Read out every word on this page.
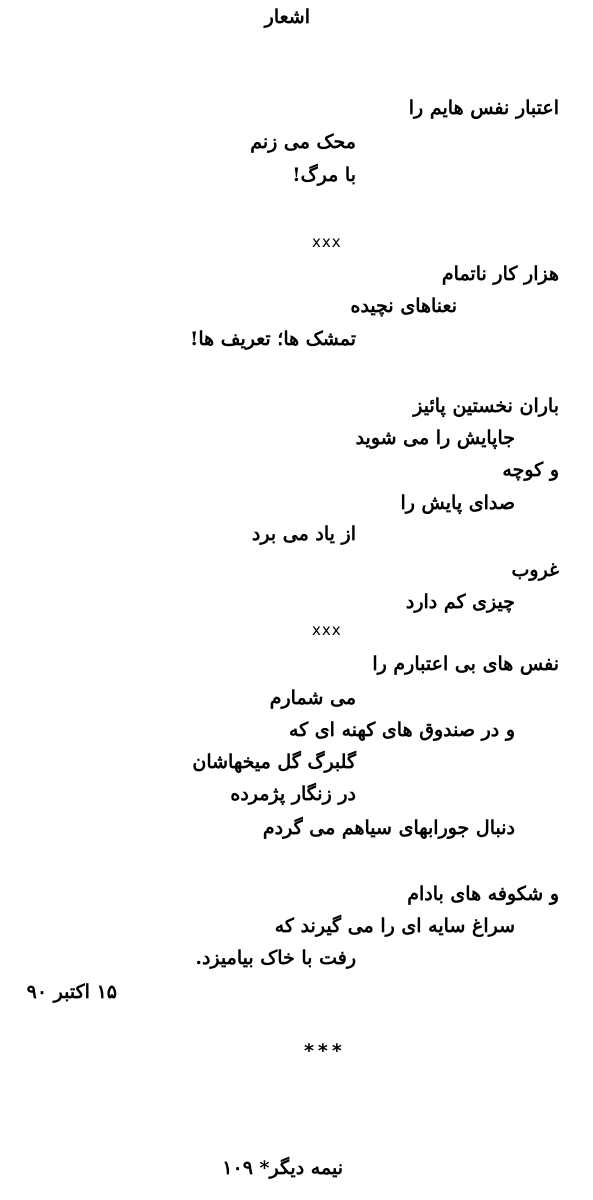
اشعار
اعتبار نفس هایم را
محک می زنم
با مرگ!
xxx
هزار کار ناتمام
نعناهای نچیده
تمشک ها؛ تعریف ها!
باران نخستین پائیز
جاپایش را می شوید
و کوچه
صدای پایش را
از یاد می برد
غروب
چیزی کم دارد
xxx
نفس های بی اعتبارم را
می شمارم
و در صندوق های کهنه ای که
گلبرگ گل میخهاشان
در زنگار پژمرده
دنبال جورابهای سیاهم می گردم
و شکوفه های بادام
سراغ سایه ای را می گیرند که
رفت با خاک بیامیزد.
۱۵ اکتبر ۹۰
***
نیمه دیگر* ۱۰۹
